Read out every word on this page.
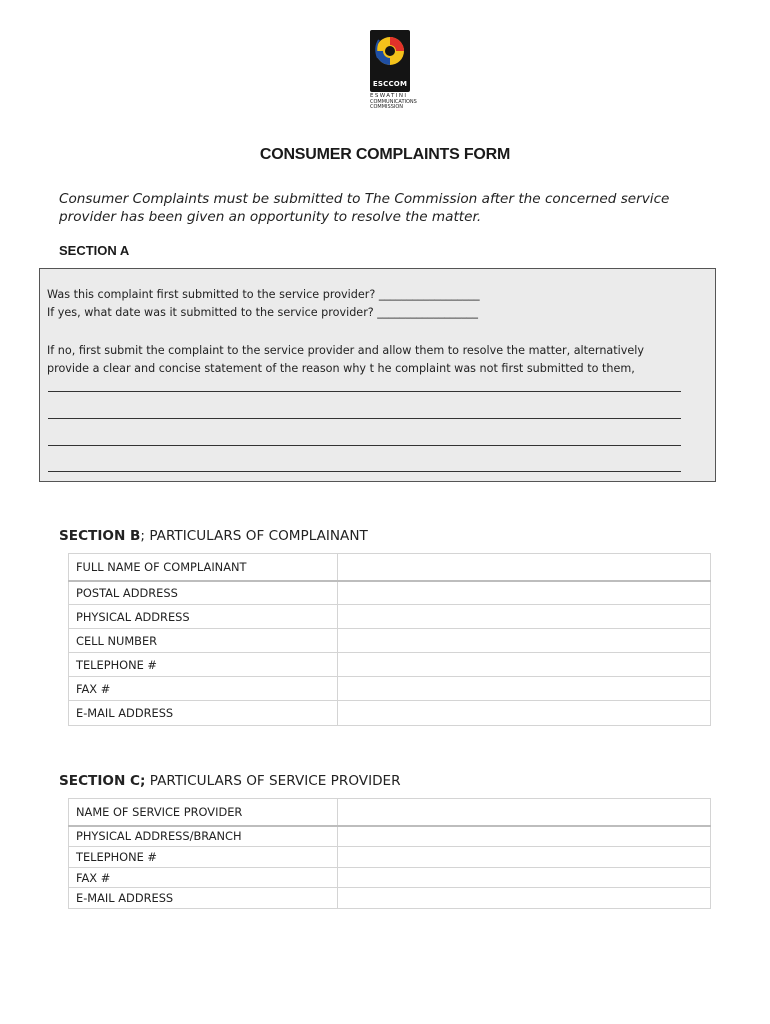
ESCCOM
ESWATINI
COMMUNICATIONS
COMMISSION
CONSUMER COMPLAINTS FORM
Consumer Complaints must be submitted to The Commission after the concerned service provider has been given an opportunity to resolve the matter.
SECTION A
Was this complaint first submitted to the service provider? __________________
If yes, what date was it submitted to the service provider? __________________
If no, first submit the complaint to the service provider and allow them to resolve the matter, alternatively
provide a clear and concise statement of the reason why t he complaint was not first submitted to them,
SECTION B; PARTICULARS OF COMPLAINANT
FULL NAME OF COMPLAINANT	
POSTAL ADDRESS	
PHYSICAL ADDRESS	
CELL NUMBER	
TELEPHONE #	
FAX #	
E-MAIL ADDRESS	
SECTION C; PARTICULARS OF SERVICE PROVIDER
NAME OF SERVICE PROVIDER	
PHYSICAL ADDRESS/BRANCH	
TELEPHONE #	
FAX #	
E-MAIL ADDRESS	
